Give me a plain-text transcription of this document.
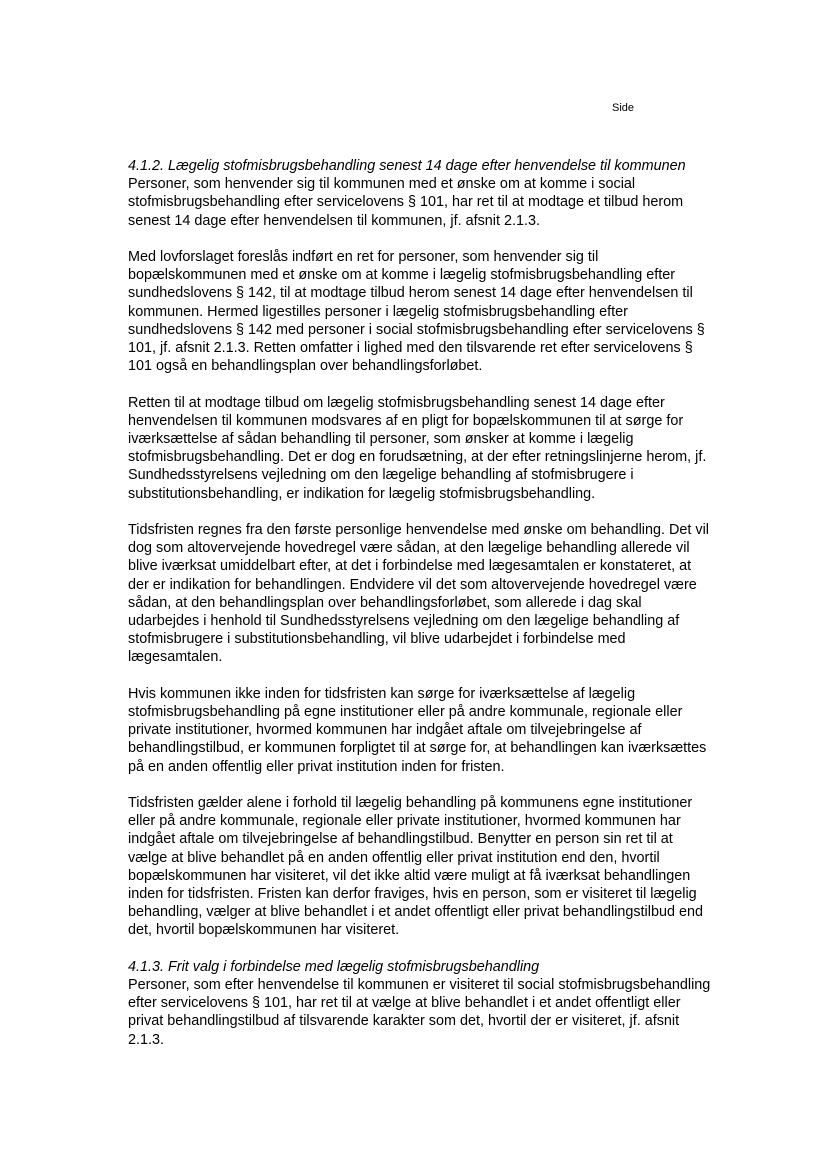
Side
4.1.2. Lægelig stofmisbrugsbehandling senest 14 dage efter henvendelse til kommunen

Personer, som henvender sig til kommunen med et ønske om at komme i social
stofmisbrugsbehandling efter servicelovens § 101, har ret til at modtage et tilbud herom
senest 14 dage efter henvendelsen til kommunen, jf. afsnit 2.1.3.

Med lovforslaget foreslås indført en ret for personer, som henvender sig til
bopælskommunen med et ønske om at komme i lægelig stofmisbrugsbehandling efter
sundhedslovens § 142, til at modtage tilbud herom senest 14 dage efter henvendelsen til
kommunen. Hermed ligestilles personer i lægelig stofmisbrugsbehandling efter
sundhedslovens § 142 med personer i social stofmisbrugsbehandling efter servicelovens §
101, jf. afsnit 2.1.3. Retten omfatter i lighed med den tilsvarende ret efter servicelovens §
101 også en behandlingsplan over behandlingsforløbet.

Retten til at modtage tilbud om lægelig stofmisbrugsbehandling senest 14 dage efter
henvendelsen til kommunen modsvares af en pligt for bopælskommunen til at sørge for
iværksættelse af sådan behandling til personer, som ønsker at komme i lægelig
stofmisbrugsbehandling. Det er dog en forudsætning, at der efter retningslinjerne herom, jf.
Sundhedsstyrelsens vejledning om den lægelige behandling af stofmisbrugere i
substitutionsbehandling, er indikation for lægelig stofmisbrugsbehandling.

Tidsfristen regnes fra den første personlige henvendelse med ønske om behandling. Det vil
dog som altovervejende hovedregel være sådan, at den lægelige behandling allerede vil
blive iværksat umiddelbart efter, at det i forbindelse med lægesamtalen er konstateret, at
der er indikation for behandlingen. Endvidere vil det som altovervejende hovedregel være
sådan, at den behandlingsplan over behandlingsforløbet, som allerede i dag skal
udarbejdes i henhold til Sundhedsstyrelsens vejledning om den lægelige behandling af
stofmisbrugere i substitutionsbehandling, vil blive udarbejdet i forbindelse med
lægesamtalen.

Hvis kommunen ikke inden for tidsfristen kan sørge for iværksættelse af lægelig
stofmisbrugsbehandling på egne institutioner eller på andre kommunale, regionale eller
private institutioner, hvormed kommunen har indgået aftale om tilvejebringelse af
behandlingstilbud, er kommunen forpligtet til at sørge for, at behandlingen kan iværksættes
på en anden offentlig eller privat institution inden for fristen.

Tidsfristen gælder alene i forhold til lægelig behandling på kommunens egne institutioner
eller på andre kommunale, regionale eller private institutioner, hvormed kommunen har
indgået aftale om tilvejebringelse af behandlingstilbud. Benytter en person sin ret til at
vælge at blive behandlet på en anden offentlig eller privat institution end den, hvortil
bopælskommunen har visiteret, vil det ikke altid være muligt at få iværksat behandlingen
inden for tidsfristen. Fristen kan derfor fraviges, hvis en person, som er visiteret til lægelig
behandling, vælger at blive behandlet i et andet offentligt eller privat behandlingstilbud end
det, hvortil bopælskommunen har visiteret.

4.1.3. Frit valg i forbindelse med lægelig stofmisbrugsbehandling
Personer, som efter henvendelse til kommunen er visiteret til social stofmisbrugsbehandling
efter servicelovens § 101, har ret til at vælge at blive behandlet i et andet offentligt eller
privat behandlingstilbud af tilsvarende karakter som det, hvortil der er visiteret, jf. afsnit
2.1.3.
